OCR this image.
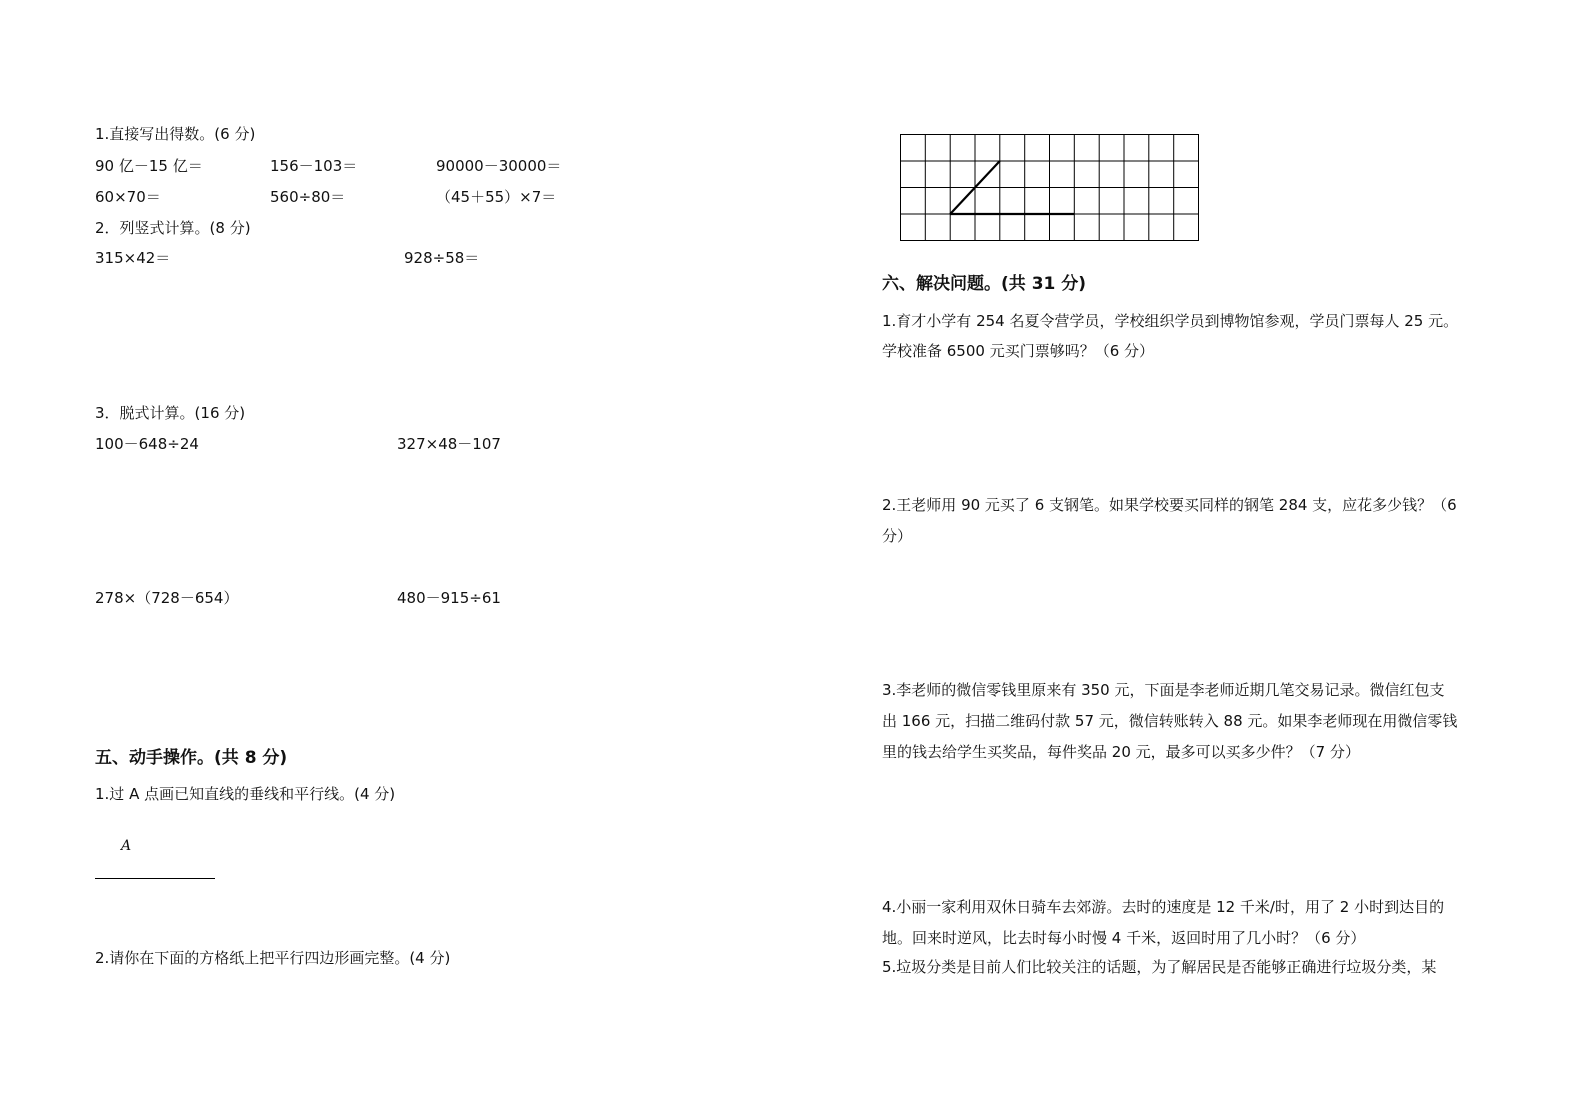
1.直接写出得数。(6 分)
90 亿－15 亿＝	156－103＝	90000－30000＝
60×70＝	560÷80＝	（45＋55）×7＝
2．列竖式计算。(8 分)
315×42＝	928÷58＝
3．脱式计算。(16 分)
100－648÷24	327×48－107
278×（728－654）	480－915÷61
五、动手操作。(共 8 分)
1.过 A 点画已知直线的垂线和平行线。(4 分)
A
2.请你在下面的方格纸上把平行四边形画完整。(4 分)
六、解决问题。(共 31 分)
1.育才小学有 254 名夏令营学员，学校组织学员到博物馆参观，学员门票每人 25 元。
学校准备 6500 元买门票够吗？（6 分）
2.王老师用 90 元买了 6 支钢笔。如果学校要买同样的钢笔 284 支，应花多少钱？（6
分）
3.李老师的微信零钱里原来有 350 元，下面是李老师近期几笔交易记录。微信红包支
出 166 元，扫描二维码付款 57 元，微信转账转入 88 元。如果李老师现在用微信零钱
里的钱去给学生买奖品，每件奖品 20 元，最多可以买多少件？（7 分）
4.小丽一家利用双休日骑车去郊游。去时的速度是 12 千米/时，用了 2 小时到达目的
地。回来时逆风，比去时每小时慢 4 千米，返回时用了几小时？（6 分）
5.垃圾分类是目前人们比较关注的话题，为了解居民是否能够正确进行垃圾分类，某
